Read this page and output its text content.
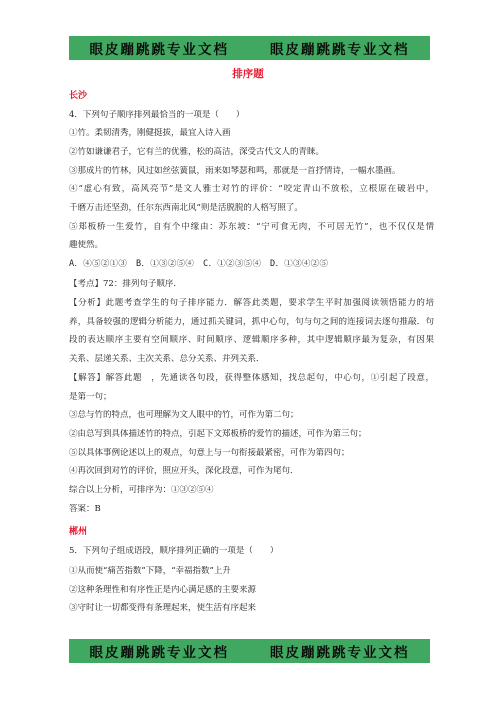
眼皮蹦跳跳专业文档	眼皮蹦跳跳专业文档
排序题
长沙
4．下列句子顺序排列最恰当的一项是（　　）
①竹。柔韧清秀，刚健挺拔，最宜入诗入画
②竹如谦谦君子，它有兰的优雅，松的高洁，深受古代文人的青睐。
③那成片的竹林，风过如丝弦簧鼠，雨来如琴瑟和鸣，那就是一首抒情诗，一幅水墨画。
④“虚心有致，高风亮节”是文人雅士对竹的评价：“咬定青山不放松，立根原在破岩中，
千磨万击还坚劲，任尔东西南北风”则是活脱脱的人格写照了。
⑤郑板桥一生爱竹，自有个中缘由：苏东坡：“宁可食无肉，不可居无竹”，也不仅仅是情
趣使然。
A．④⑤②①③　B．①③②⑤④　C．①②③⑤④　D．①③④②⑤
【考点】72：排列句子顺序．
【分析】此题考查学生的句子排序能力．解答此类题，要求学生平时加强阅读领悟能力的培
养，具备较强的逻辑分析能力，通过抓关键词，抓中心句，句与句之间的连接词去逐句推敲．句
段的表达顺序主要有空间顺序、时间顺序、逻辑顺序多种，其中逻辑顺序最为复杂，有因果
关系、层递关系、主次关系、总分关系、并列关系．
【解答】解答此题　，先通读各句段，获得整体感知，找总起句，中心句，①引起了段意，
是第一句；
③总与竹的特点，也可理解为文人眼中的竹，可作为第二句；
②由总写到具体描述竹的特点，引起下文郑板桥的爱竹的描述，可作为第三句；
⑤以具体事例论述以上的观点，句意上与一句衔接最紧密，可作为第四句；
④再次回到对竹的评价，照应开头，深化段意，可作为尾句．
综合以上分析，可排序为：①③②⑤④
答案：B
郴州
5．下列句子组成语段，顺序排列正确的一项是（　　）
①从而使“痛苦指数”下降，“幸福指数”上升
②这种条理性和有序性正是内心满足感的主要来源
③守时让一切都变得有条理起来，使生活有序起来
眼皮蹦跳跳专业文档	眼皮蹦跳跳专业文档
